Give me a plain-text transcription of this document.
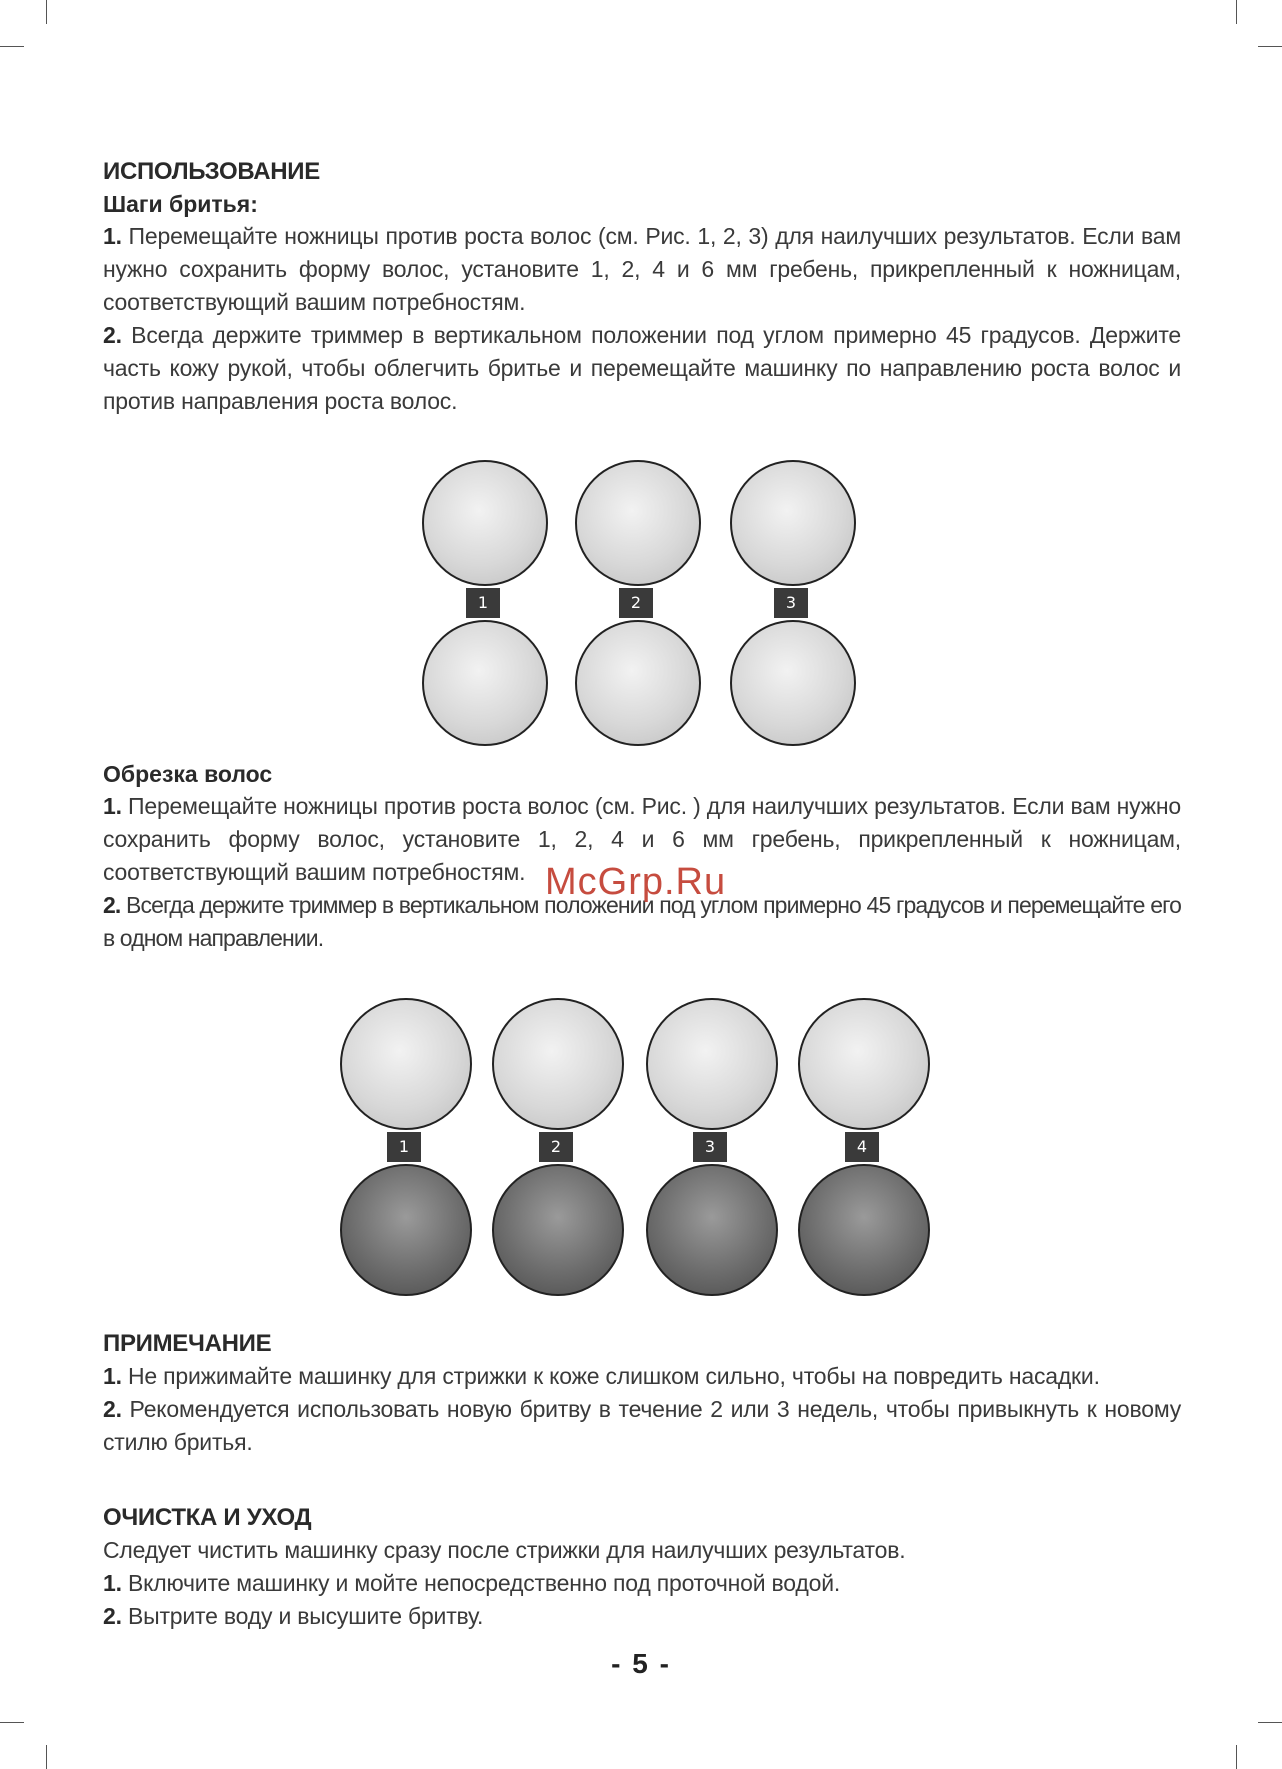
ИСПОЛЬЗОВАНИЕ

Шаги бритья:

1. Перемещайте ножницы против роста волос (см. Рис. 1, 2, 3) для наилучших результатов. Если вам нужно сохранить форму волос, установите 1, 2, 4 и 6 мм гребень, прикрепленный к ножницам, соответствующий вашим потребностям.

2. Всегда держите триммер в вертикальном положении под углом примерно 45 градусов. Держите часть кожу рукой, чтобы облегчить бритье и перемещайте машинку по направлению роста волос и против направления роста волос.

1	2	3

Обрезка волос

1. Перемещайте ножницы против роста волос (см. Рис. ) для наилучших результатов. Если вам нужно сохранить форму волос, установите 1, 2, 4 и 6 мм гребень, прикрепленный к ножницам, соответствующий вашим потребностям.

2. Всегда держите триммер в вертикальном положении под углом примерно 45 градусов и перемещайте его в одном направлении.

McGrp.Ru
1	2	3	4

ПРИМЕЧАНИЕ

1. Не прижимайте машинку для стрижки к коже слишком сильно, чтобы на повредить насадки.

2. Рекомендуется использовать новую бритву в течение 2 или 3 недель, чтобы привыкнуть к новому стилю бритья.

ОЧИСТКА И УХОД

Следует чистить машинку сразу после стрижки для наилучших результатов.

1. Включите машинку и мойте непосредственно под проточной водой.

2. Вытрите воду и высушите бритву.

- 5 -
